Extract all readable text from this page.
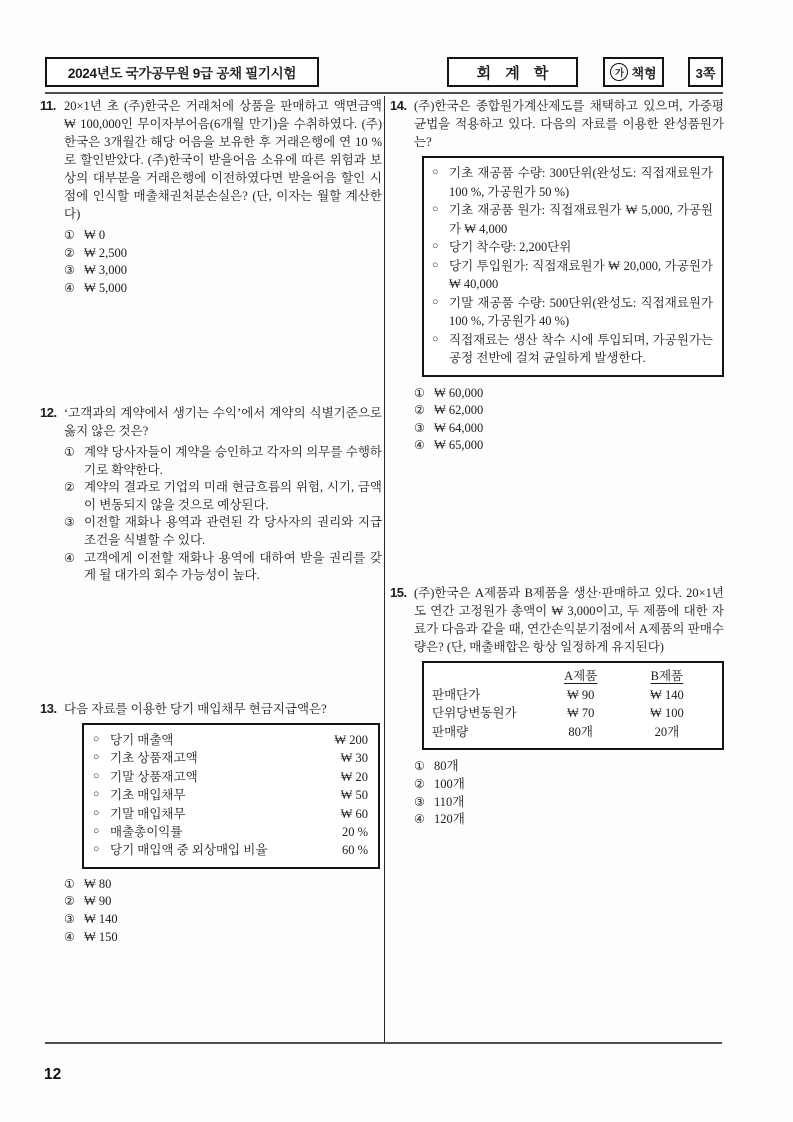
2024년도 국가공무원 9급 공채 필기시험	회 계 학	가 책형	3쪽
11. 20×1년 초 (주)한국은 거래처에 상품을 판매하고 액면금액 ₩ 100,000인 무이자부어음(6개월 만기)을 수취하였다. (주)한국은 3개월간 해당 어음을 보유한 후 거래은행에 연 10 %로 할인받았다. (주)한국이 받을어음 소유에 따른 위험과 보상의 대부분을 거래은행에 이전하였다면 받을어음 할인 시점에 인식할 매출채권처분손실은? (단, 이자는 월할 계산한다)
① ₩ 0
② ₩ 2,500
③ ₩ 3,000
④ ₩ 5,000
12. ‘고객과의 계약에서 생기는 수익’에서 계약의 식별기준으로 옳지 않은 것은?
① 계약 당사자들이 계약을 승인하고 각자의 의무를 수행하기로 확약한다.
② 계약의 결과로 기업의 미래 현금흐름의 위험, 시기, 금액이 변동되지 않을 것으로 예상된다.
③ 이전할 재화나 용역과 관련된 각 당사자의 권리와 지급조건을 식별할 수 있다.
④ 고객에게 이전할 재화나 용역에 대하여 받을 권리를 갖게 될 대가의 회수 가능성이 높다.
13. 다음 자료를 이용한 당기 매입채무 현금지급액은?
○ 당기 매출액	₩ 200
○ 기초 상품재고액	₩ 30
○ 기말 상품재고액	₩ 20
○ 기초 매입채무	₩ 50
○ 기말 매입채무	₩ 60
○ 매출총이익률	20 %
○ 당기 매입액 중 외상매입 비율	60 %
① ₩ 80
② ₩ 90
③ ₩ 140
④ ₩ 150
14. (주)한국은 종합원가계산제도를 채택하고 있으며, 가중평균법을 적용하고 있다. 다음의 자료를 이용한 완성품원가는?
○ 기초 재공품 수량: 300단위(완성도: 직접재료원가 100 %, 가공원가 50 %)
○ 기초 재공품 원가: 직접재료원가 ₩ 5,000, 가공원가 ₩ 4,000
○ 당기 착수량: 2,200단위
○ 당기 투입원가: 직접재료원가 ₩ 20,000, 가공원가 ₩ 40,000
○ 기말 재공품 수량: 500단위(완성도: 직접재료원가 100 %, 가공원가 40 %)
○ 직접재료는 생산 착수 시에 투입되며, 가공원가는 공정 전반에 걸쳐 균일하게 발생한다.
① ₩ 60,000
② ₩ 62,000
③ ₩ 64,000
④ ₩ 65,000
15. (주)한국은 A제품과 B제품을 생산·판매하고 있다. 20×1년도 연간 고정원가 총액이 ₩ 3,000이고, 두 제품에 대한 자료가 다음과 같을 때, 연간손익분기점에서 A제품의 판매수량은? (단, 매출배합은 항상 일정하게 유지된다)
A제품	B제품
판매단가	₩ 90	₩ 140
단위당변동원가	₩ 70	₩ 100
판매량	80개	20개
① 80개
② 100개
③ 110개
④ 120개
12
